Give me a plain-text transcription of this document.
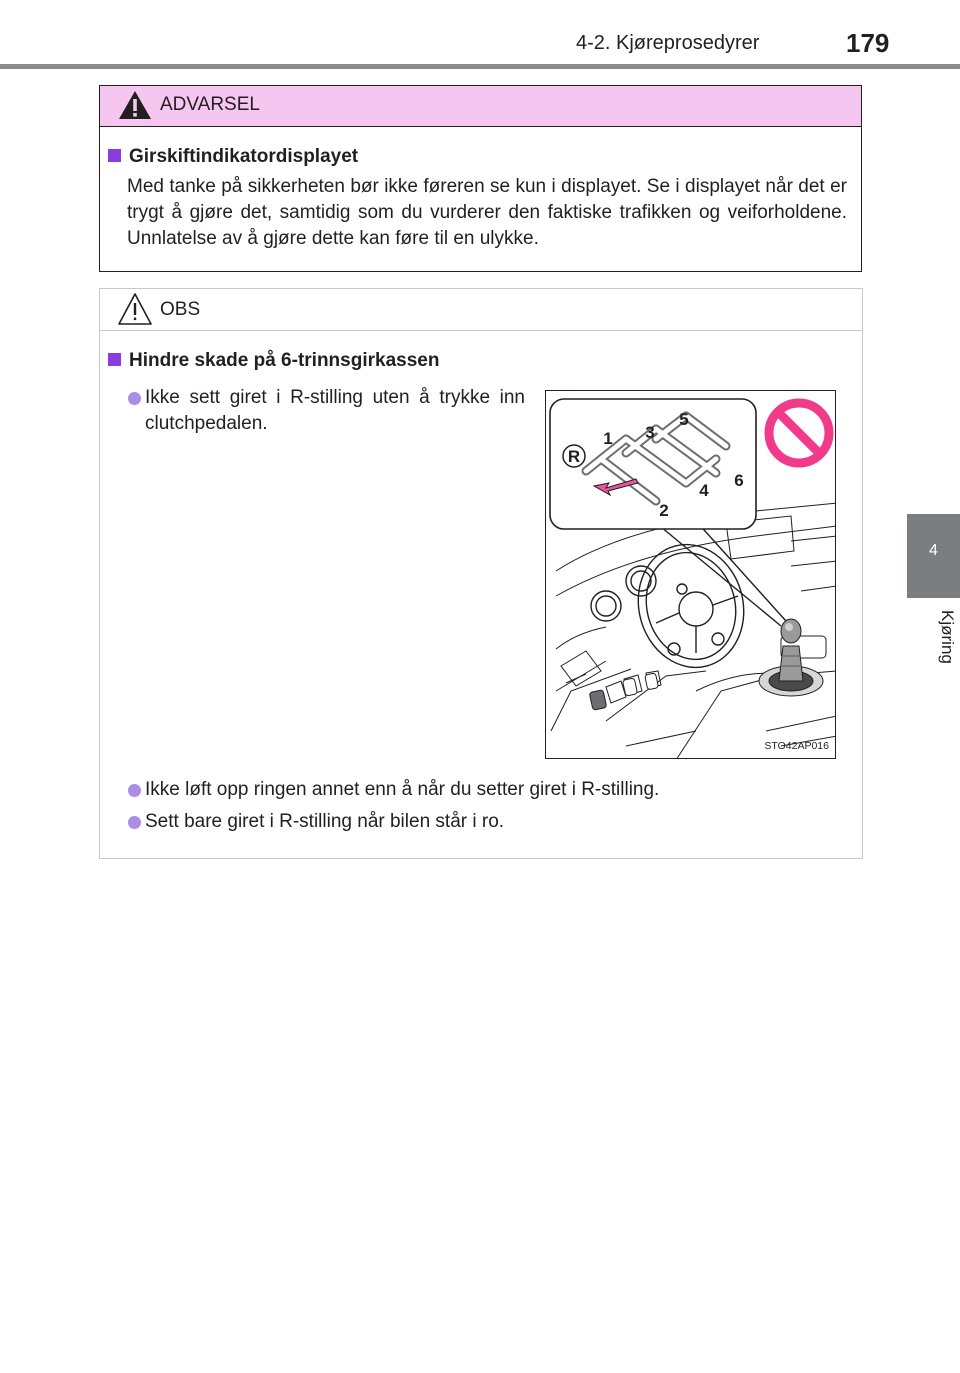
4-2. Kjøreprosedyrer	179
4
Kjøring
ADVARSEL
Girskiftindikatordisplayet
Med tanke på sikkerheten bør ikke føreren se kun i displayet. Se i displayet når det er trygt å gjøre det, samtidig som du vurderer den faktiske trafikken og veiforholdene. Unnlatelse av å gjøre dette kan føre til en ulykke.
OBS
Hindre skade på 6-trinnsgirkassen
Ikke sett giret i R-stilling uten å trykke inn clutchpedalen.
Ikke løft opp ringen annet enn å når du setter giret i R-stilling.
Sett bare giret i R-stilling når bilen står i ro.
R
1
2
3
4
5
6
STO42AP016
